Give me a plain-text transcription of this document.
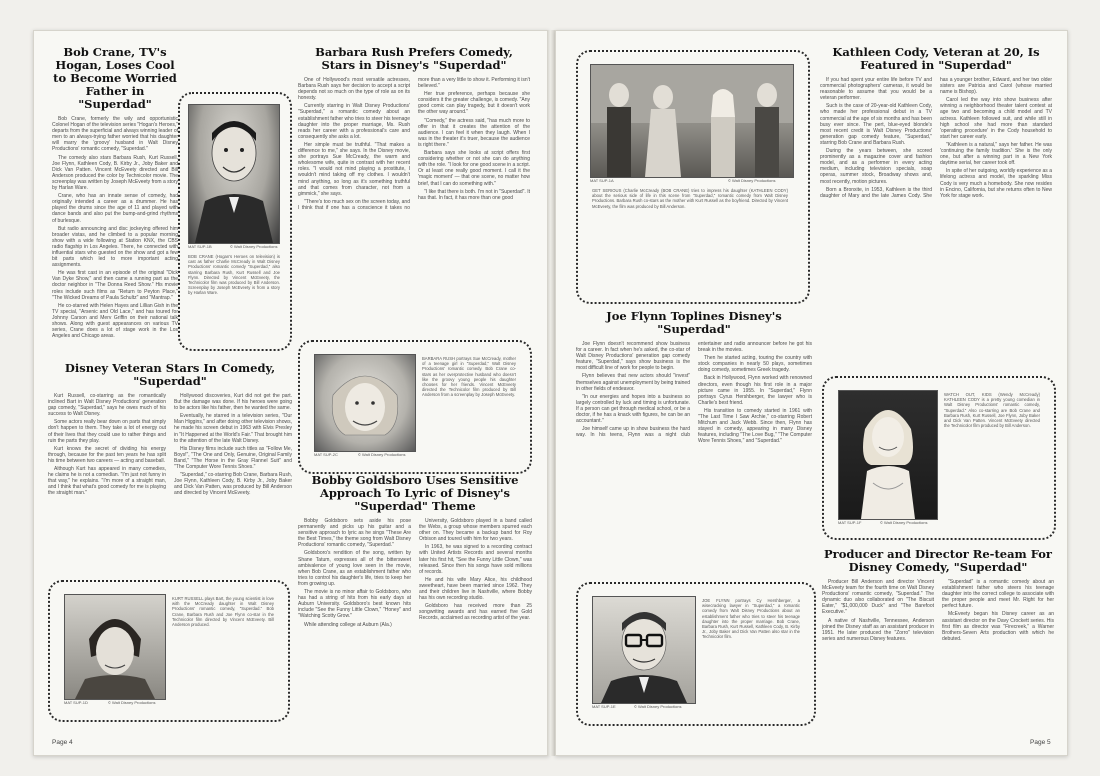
Bob Crane, TV's Hogan, Loses Cool to Become Worried Father in "Superdad"

Bob Crane, formerly the wily and opportunistic Colonel Hogan of the television series "Hogan's Heroes," departs from the superficial and always winning leader of men to an always-trying father worried that his daughter will marry the 'groovy' husband in Walt Disney Productions' romantic comedy, "Superdad."

The comedy also stars Barbara Rush, Kurt Russell, Joe Flynn, Kathleen Cody, B. Kirby Jr., Joby Baker and Dick Van Patten. Vincent McEveety directed and Bill Anderson produced the color by Technicolor movie. The screenplay was written by Joseph McEveety from a story by Harlan Ware.

Crane, who has an innate sense of comedy, had originally intended a career as a drummer. He has played the drums since the age of 11 and played with dance bands and also put the bump-and-grind rhythms of burlesque.

But radio announcing and disc jockeying offered him broader vistas, and he climbed to a popular morning show with a wide following at Station KNX, the CBS radio flagship in Los Angeles. There, he connected with influential stars who guested on the show and got a few bit parts which led to more important acting assignments.

He was first cast in an episode of the original "Dick Van Dyke Show," and then came a running part as the doctor neighbor in "The Donna Reed Show." His movie roles include such films as "Return to Peyton Place," "The Wicked Dreams of Paula Schultz" and "Mantrap."

He co-starred with Helen Hayes and Lillian Gish in the TV special, "Arsenic and Old Lace," and has toured for Johnny Carson and Merv Griffin on their national talk shows. Along with guest appearances on various TV series, Crane does a lot of stage work in the Los Angeles and Chicago areas.

MAT SUP-1B	© Walt Disney Productions
BOB CRANE (Hogan's Heroes on television) is cast as father Charlie McCready in Walt Disney Productions' romantic comedy "Superdad," also starring Barbara Rush, Kurt Russell and Joe Flynn. Directed by Vincent McEveety, the Technicolor film was produced by Bill Anderson. Screenplay by Joseph McEveety is from a story by Harlan Ware.
Barbara Rush Prefers Comedy, Stars in Disney's "Superdad"

One of Hollywood's most versatile actresses, Barbara Rush says her decision to accept a script depends not so much on the type of role as on its honesty.

Currently starring in Walt Disney Productions' "Superdad," a romantic comedy about an establishment father who tries to steer his teenage daughter into the proper marriage, Ms. Rush reads her career with a professional's care and consequently she asks a lot.

Her simple must be truthful. "That makes a difference to me," she says. In the Disney movie, she portrays Sue McCready, the warm and wholesome wife, quite in contrast with her recent roles. "I would not mind playing a prostitute, I wouldn't mind taking off my clothes. I wouldn't mind anything, so long as it's something truthful and that comes from character, not from a gimmick," she says.

"There's too much sex on the screen today, and I think that if one has a conscience it takes no more than a very little to show it. Performing it isn't believed."

Her true preference, perhaps because she considers it the greater challenge, is comedy. "Any good comic can play tragedy, but it doesn't work the other way around."

"Comedy," the actress said, "has much more to offer in that it creates the attention of the audience. I can feel it when they laugh. When I was in the theater it's truer, because the audience is right there."

Barbara says she looks at script offers first considering whether or not she can do anything with the role. "I look for one good scene in a script. Or at least one really good moment. I call it the 'magic moment' — that one scene, no matter how brief, that I can do something with."

"I like that there is both. I'm not in "Superdad". It has that. In fact, it has more than one good

MAT SUP-2C	© Walt Disney Productions
BARBARA RUSH portrays Sue McCready, mother of a teenage girl in "Superdad," Walt Disney Productions' romantic comedy. Bob Crane co-stars as her overprotective husband who doesn't like the groovy young people his daughter chooses for her friends. Vincent McEveety directed the Technicolor film produced by Bill Anderson from a screenplay by Joseph McEveety.
Disney Veteran Stars In Comedy, "Superdad"

Kurt Russell, co-starring as the romantically inclined Bart in Walt Disney Productions' generation gap comedy, "Superdad," says he owes much of his success to Walt Disney.

Some actors really bear down on parts that simply don't happen to them. They take a lot of energy out of their lives that they could use to rather things and ruin the parts they play.

Kurt knows the secret of dividing his energy through, because for the past ten years he has split his time between two careers — acting and baseball.

Although Kurt has appeared in many comedies, he claims he is not a comedian. "I'm just not funny in that way," he explains. "I'm more of a straight man, and I think that what's good comedy for me is playing the straight man."

Hollywood discoveries, Kurt did not get the part. But the damage was done. If his heroes were going to be actors like his father, then he wanted the same.

Eventually, he starred in a television series, "Our Man Higgins," and after doing other television shows, he made his screen debut in 1963 with Elvis Presley in "It Happened at the World's Fair." That brought him to the attention of the late Walt Disney.

His Disney films include such titles as "Follow Me, Boys!", "The One and Only, Genuine, Original Family Band," "The Horse in the Gray Flannel Suit" and "The Computer Wore Tennis Shoes."

"Superdad," co-starring Bob Crane, Barbara Rush, Joe Flynn, Kathleen Cody, B. Kirby Jr., Joby Baker and Dick Van Patten, was produced by Bill Anderson and directed by Vincent McEveety.

MAT SUP-1D	© Walt Disney Productions
KURT RUSSELL plays Bart, the young scientist in love with the McCready daughter in Walt Disney Productions' romantic comedy, "Superdad." Bob Crane, Barbara Rush and Joe Flynn co-star in the Technicolor film directed by Vincent McEveety. Bill Anderson produced.
Bobby Goldsboro Uses Sensitive Approach To Lyric of Disney's "Superdad" Theme

Bobby Goldsboro sets aside his pose permanently and picks up his guitar and a sensitive approach to lyric as he sings "These Are the Best Times," the theme song from Walt Disney Productions' romantic comedy, "Superdad."

Goldsboro's rendition of the song, written by Shane Tatum, expresses all of the bittersweet ambivalence of young love seen in the movie, when Bob Crane, as an establishment father who tries to control his daughter's life, tries to keep her from growing up.

The movie is no minor affair to Goldsboro, who has had a string of hits from his early days at Auburn University. Goldsboro's best known hits include "See the Funny Little Clown," "Honey" and "Watching Scotty Grow."

While attending college at Auburn (Ala.)

University, Goldsboro played in a band called the Webs, a group whose members spurred each other on. They became a backup band for Roy Orbison and toured with him for two years.

In 1963, he was signed to a recording contract with United Artists Records and several months later his first hit, "See the Funny Little Clown," was released. Since then his songs have sold millions of records.

He and his wife Mary Alice, his childhood sweetheart, have been married since 1962. They and their children live in Nashville, where Bobby has his own recording studio.

Goldsboro has received more than 25 songwriting awards and has earned five Gold Records, acclaimed as recording artist of the year.

Page 4
MAT SUP-1A	© Walt Disney Productions
GET SERIOUS (Charlie McCready (BOB CRANE) tries to impress his daughter (KATHLEEN CODY) about the serious side of life in this scene from "Superdad," romantic comedy from Walt Disney Productions. Barbara Rush co-stars as the mother with Kurt Russell as the boyfriend. Directed by Vincent McEveety, the film was produced by Bill Anderson.
Kathleen Cody, Veteran at 20, Is Featured in "Superdad"

If you had spent your entire life before TV and commercial photographers' cameras, it would be reasonable to assume that you would be a veteran performer.

Such is the case of 20-year-old Kathleen Cody, who made her professional debut in a TV commercial at the age of six months and has been busy ever since. The pert, blue-eyed blonde's most recent credit is Walt Disney Productions' generation gap comedy feature, "Superdad," starring Bob Crane and Barbara Rush.

During the years between, she scored prominently as a magazine cover and fashion model, and as a performer in every acting medium, including television specials, soap operas, summer stock, Broadway shows and, most recently, motion pictures.

Born a Bronxite, in 1953, Kathleen is the third daughter of Mary and the late James Cody. She has a younger brother, Edward, and her two older sisters are Patricia and Carol (whose married name is Bishop).

Carol led the way into show business after winning a neighborhood theater talent contest at age two and becoming a child model and TV actress. Kathleen followed suit, and while still in high school she had more than standard 'operating procedure' in the Cody household to start her career early.

"Kathleen is a natural," says her father. He was 'continuing the family tradition.' She is the only one, but after a winning part in a New York daytime serial, her career took off.

In spite of her outgoing, worldly experience as a lifelong actress and model, the sparkling Miss Cody is very much a homebody. She now resides in Encino, California, but she returns often to New York for stage work.

Joe Flynn Toplines Disney's "Superdad"

Joe Flynn doesn't recommend show business for a career. In fact when he's asked, the co-star of Walt Disney Productions' generation gap comedy feature, "Superdad," says show business is the most difficult line of work for people to begin.

Flynn believes that new actors should "invest" themselves against unemployment by being trained in other fields of endeavor.

"In our energies and hopes into a business so largely controlled by luck and timing is unfortunate. If a person can get through medical school, or be a doctor, if he has a knack with figures, he can be an accountant."

Joe himself came up in show business the hard way. In his teens, Flynn was a night club entertainer and radio announcer before he got his break in the movies.

Then he started acting, touring the country with stock companies in nearly 50 plays, sometimes doing comedy, sometimes Greek tragedy.

Back in Hollywood, Flynn worked with renowned directors, even though his first role in a major picture came in 1955. In "Superdad," Flynn portrays Cyrus Hershberger, the lawyer who is Charlie's best friend.

His transition to comedy started in 1961 with "The Last Time I Saw Archie," co-starring Robert Mitchum and Jack Webb. Since then, Flynn has stayed in comedy, appearing in many Disney features, including "The Love Bug," "The Computer Wore Tennis Shoes," and "Superdad."

MAT SUP-1F	© Walt Disney Productions
WATCH OUT, KIDS (Wendy McCready) KATHLEEN CODY is a pretty young comedian in Walt Disney Productions' romantic comedy, "Superdad." Also co-starring are Bob Crane and Barbara Rush, Kurt Russell, Joe Flynn, Joby Baker and Dick Van Patten. Vincent McEveety directed the Technicolor film produced by Bill Anderson.
MAT SUP-1E	© Walt Disney Productions
JOE FLYNN portrays Cy Hershberger, a wisecracking lawyer in "Superdad," a romantic comedy from Walt Disney Productions about an establishment father who tries to steer his teenage daughter into the proper marriage. Bob Crane, Barbara Rush, Kurt Russell, Kathleen Cody, B. Kirby Jr., Joby Baker and Dick Van Patten also star in the Technicolor film.
Producer and Director Re-team For Disney Comedy, "Superdad"

Producer Bill Anderson and director Vincent McEveety team for the fourth time on Walt Disney Productions' romantic comedy, "Superdad." The dynamic duo also collaborated on "The Biscuit Eater," "$1,000,000 Duck" and "The Barefoot Executive."

A native of Nashville, Tennessee, Anderson joined the Disney staff as an assistant producer in 1951. He later produced the "Zorro" television series and numerous Disney features.

"Superdad" is a romantic comedy about an establishment father who steers his teenage daughter into the correct college to associate with the proper people and meet Mr. Right for her perfect future.

McEveety began his Disney career as an assistant director on the Davy Crockett series. His first film as director was "Firecreek," a Warner Brothers-Seven Arts production with which he debuted.

Page 5
